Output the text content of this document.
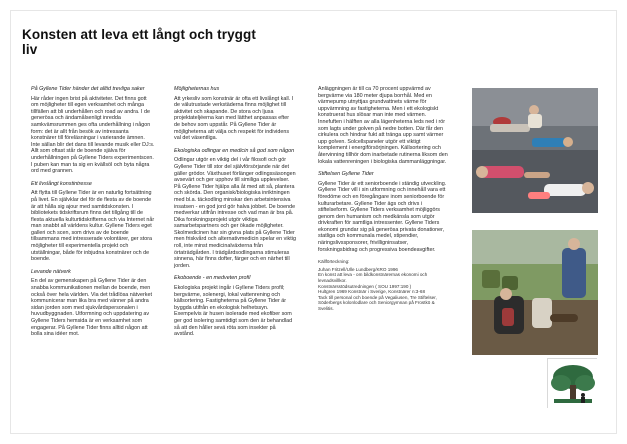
Konsten att leva ett långt och tryggt liv

På Gyllene Tider händer det alltid trevliga saker

Här råder ingen brist på aktiviteter. Det finns gott om möjligheter till egen verksamhet och många tillfällen att bli underhållen och road av andra. I de generösa och ändamålsenligt inredda samkvämsrummen ges ofta underhållning i någon form: det är allt från besök av intressanta konstnärer till föreläsningar i varierande ämnen. Inte sällan blir det dans till levande musik eller DJ:s. Allt som oftast står de boende själva för underhållningen på Gyllene Tiders experimentscen. I puben kan man ta sig en kvällsöl och byta några ord med grannen.

Ett livslångt konstintresse

Att flytta till Gyllene Tider är en naturlig fortsättning på livet. En självklar del för de flesta av de boende är att hålla sig ajour med samtidskonsten. I bibliotekets tidskriftsrum finns det tillgång till de flesta aktuella kulturtidskrifterna och via Internet når man snabbt all världens kultur. Gyllene Tiders eget galleri och scen, som drivs av de boende tillsammans med intresserade volontärer, ger stora möjligheter till experimentella projekt och utställningar, både för inbjudna konstnärer och de boende.

Levande nätverk

En del av gemenskapen på Gyllene Tider är den snabba kommunikationen mellan de boende, men också över hela världen. Via det trådlösa nätverket kommunicerar man lika bra med vänner på andra sidan jorden som med sjukvårdspersonalen i huvudbyggnaden. Utformning och uppdatering av Gyllene Tiders hemsida är en verksamhet som engagerar. På Gyllene Tider finns alltid någon att bolla sina idéer mot.

Möjligheternas hus

Att yrkesliv som konstnär är ofta ett livslångt kall. I de välutrustade verkstäderna finns möjlighet till aktivitet och skapande. De stora och ljusa projektateljéerna kan med lätthet anpassas efter de behov som uppstår. På Gyllene Tider är möjligheterna att välja och respekt för individens val det väsentliga.

Ekologiska odlingar en medicin så god som någon

Odlingar utgör en viktig del i vår filosofi och gör Gyllene Tider till stor del självförsörjande när det gäller grödor. Växthuset förlänger odlingssäsongen avsevärt och ger upphov till similiga upplevelser. På Gyllene Tider hjälps alla åt med att så, plantera och skörda. Den organisk/biologiska inriktningen med bl.a. täckodling minskar den arbetsintensiva insatsen - en god jord gör halva jobbet. De boende medverkar utifrån intresse och vad man är bra på. Dika forskningsprojekt utgör viktiga samarbetspartners och ger ökade möjligheter. Skolmedicinen har sin givna plats på Gyllene Tider men friskvård och alternativmedicin spelar en viktig roll, inte minst medicinalväxterna från örtaträdgården. I trädgårdsodlingarna stimuleras sinnena, här finns dofter, färger och en närhet till jorden.

Ekoboende - en medveten profil

Ekologiska projekt ingår i Gyllene Tiders profil; bergvärme, solenergi, lokal vattenrening och källsortering. Fastigheterna på Gyllene Tider är byggda utifrån en ekologisk helhetssyn. Exempelvis är husen isolerade med ekofiber som ger god isolering samtidigt som den är behandlad så att den håller sevä röta som insekter på avstånd.

Anläggningen är till ca 70 procent uppvärmd av bergvärme via 180 meter djupa borrhål. Med en värmepump utnyttjas grundvattnets värme för uppvärmning av fastigheterna. Men i ett ekologiskt konstruerat hus slösar man inte med värmen. Innefuften i hälften av alla lägenheterna leds ned i rör som lagts under golven på nedre botten. Där får den cirkulera och hindrar fukt att tränga upp samt värmer upp golven. Solcellspaneler utgör ett viktigt komplement i energiförsörjningen. Källsortering och återvinning tillhör dom inarbetade rutinerna liksom den lokala vattenreningen i biologiska dammanläggningar.

Stiftelsen Gyllene Tider

Gyllene Tider är ett seniorboende i ständig utveckling. Gyllene Tider vill i sin utformning och innehåll vara ett föredöme och en föregångare inom seniorboende för kulturarbetare. Gyllene Tider ägs och drivs i stiftelseform. Gyllene Tiders verksamhet möjliggörs genom den humanism och medkänsla som utgör drivkraften för samtliga intressenter. Gyllene Tiders ekonomi grundar sig på generösa privata donationer, statliga och kommunala medel, stipendier, näringslivssponsorer, frivilligninsatser, forskningsbidrag och progressiva boendeavgifter.

Källförteckning:
Juhan Fritzell/Ulle Lundberg/KRO 1996
En konst att leva - om bildkonstnärernas ekonomi och levnadsvillkor.
Konstnärsstödsutredningen ( SOU 1997:190 )
Hultgren 1969 Konstnär i Sverige, Konstnärer n:3-68
Tack till personal och boende på Vegaliusen, Tre Stiftelser, Söderbergs kolonlodlare och Seniorgymnan på Frostkö & Svelitis.
